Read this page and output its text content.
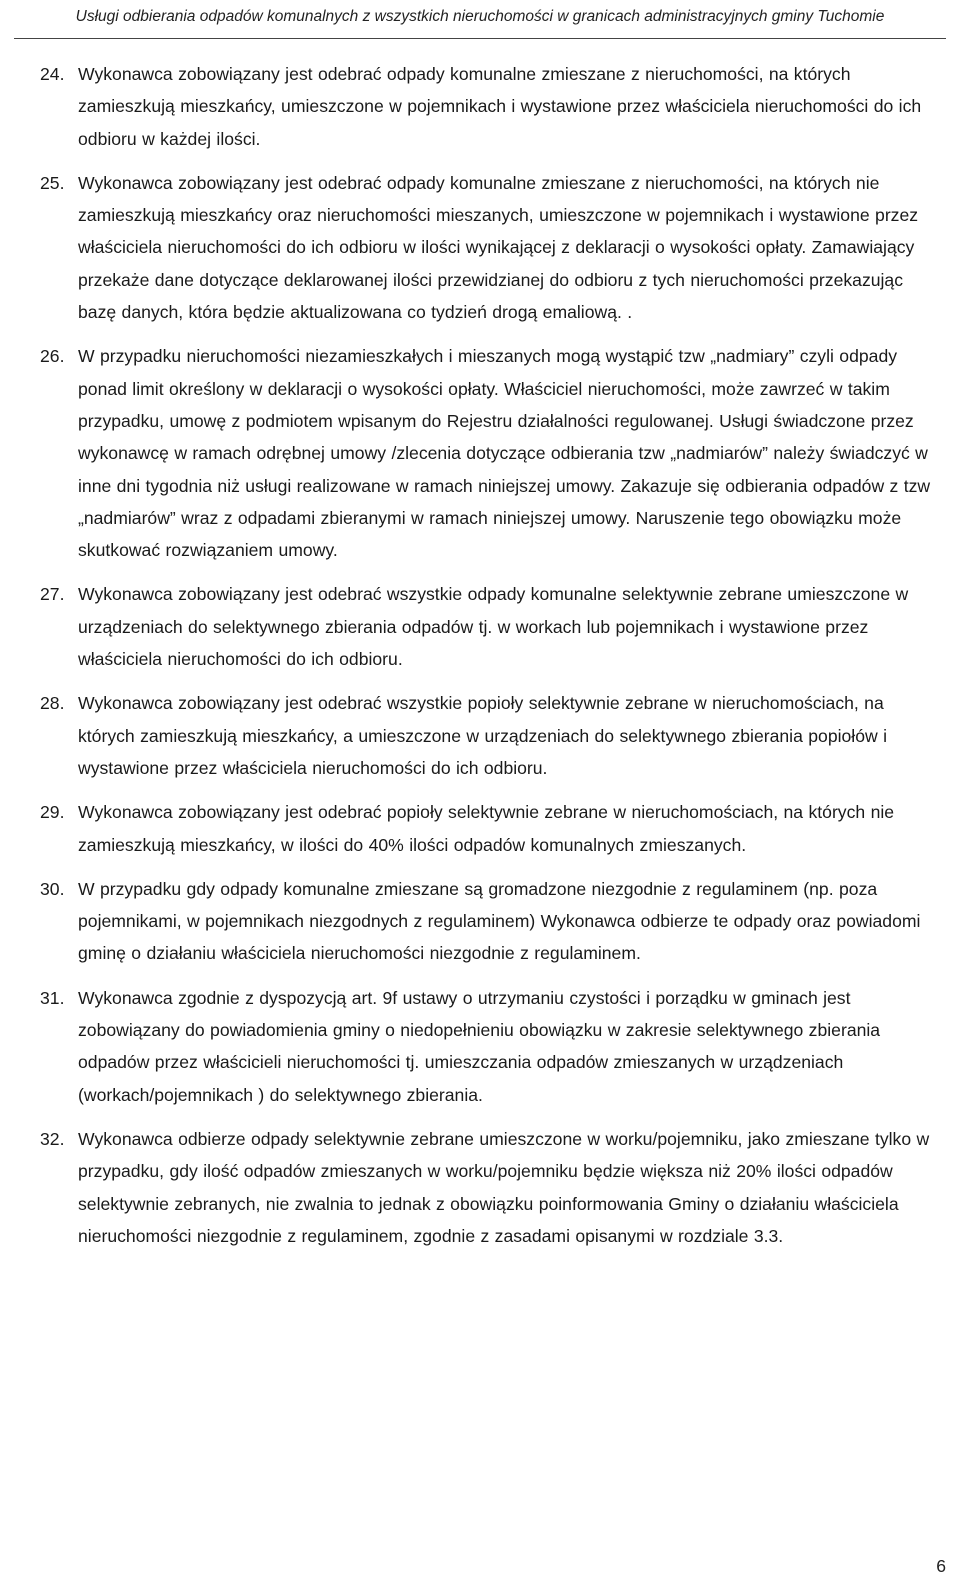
Usługi odbierania odpadów komunalnych z wszystkich nieruchomości w granicach administracyjnych gminy Tuchomie
24. Wykonawca zobowiązany jest odebrać odpady komunalne zmieszane z nieruchomości, na których zamieszkują mieszkańcy, umieszczone w pojemnikach i wystawione przez właściciela nieruchomości do ich odbioru w każdej ilości.
25. Wykonawca zobowiązany jest odebrać odpady komunalne zmieszane z nieruchomości, na których nie zamieszkują mieszkańcy oraz nieruchomości mieszanych, umieszczone w pojemnikach i wystawione przez właściciela nieruchomości do ich odbioru w ilości wynikającej z deklaracji o wysokości opłaty. Zamawiający przekaże dane dotyczące deklarowanej ilości przewidzianej do odbioru z tych nieruchomości przekazując bazę danych, która będzie aktualizowana co tydzień drogą emaliową. .
26. W przypadku nieruchomości niezamieszkałych i mieszanych mogą wystąpić tzw „nadmiary” czyli odpady ponad limit określony w deklaracji o wysokości opłaty. Właściciel nieruchomości, może zawrzeć w takim przypadku, umowę z podmiotem wpisanym do Rejestru działalności regulowanej. Usługi świadczone przez wykonawcę w ramach odrębnej umowy /zlecenia dotyczące odbierania tzw „nadmiarów” należy świadczyć w inne dni tygodnia niż usługi realizowane w ramach niniejszej umowy. Zakazuje się odbierania odpadów z tzw „nadmiarów” wraz z odpadami zbieranymi w ramach niniejszej umowy. Naruszenie tego obowiązku może skutkować rozwiązaniem umowy.
27. Wykonawca zobowiązany jest odebrać wszystkie odpady komunalne selektywnie zebrane umieszczone w urządzeniach do selektywnego zbierania odpadów tj. w workach lub pojemnikach i wystawione przez właściciela nieruchomości do ich odbioru.
28. Wykonawca zobowiązany jest odebrać wszystkie popioły selektywnie zebrane w nieruchomościach, na których zamieszkują mieszkańcy, a umieszczone w urządzeniach do selektywnego zbierania popiołów i wystawione przez właściciela nieruchomości do ich odbioru.
29. Wykonawca zobowiązany jest odebrać popioły selektywnie zebrane w nieruchomościach, na których nie zamieszkują mieszkańcy, w ilości do 40% ilości odpadów komunalnych zmieszanych.
30. W przypadku gdy odpady komunalne zmieszane są gromadzone niezgodnie z regulaminem (np. poza pojemnikami, w pojemnikach niezgodnych z regulaminem) Wykonawca odbierze te odpady oraz powiadomi gminę o działaniu właściciela nieruchomości niezgodnie z regulaminem.
31. Wykonawca zgodnie z dyspozycją art. 9f ustawy o utrzymaniu czystości i porządku w gminach jest zobowiązany do powiadomienia gminy o niedopełnieniu obowiązku w zakresie selektywnego zbierania odpadów przez właścicieli nieruchomości tj. umieszczania odpadów zmieszanych w urządzeniach (workach/pojemnikach ) do selektywnego zbierania.
32. Wykonawca odbierze odpady selektywnie zebrane umieszczone w worku/pojemniku, jako zmieszane tylko w przypadku, gdy ilość odpadów zmieszanych w worku/pojemniku będzie większa niż 20% ilości odpadów selektywnie zebranych, nie zwalnia to jednak z obowiązku poinformowania Gminy o działaniu właściciela nieruchomości niezgodnie z regulaminem, zgodnie z zasadami opisanymi w rozdziale 3.3.
6
